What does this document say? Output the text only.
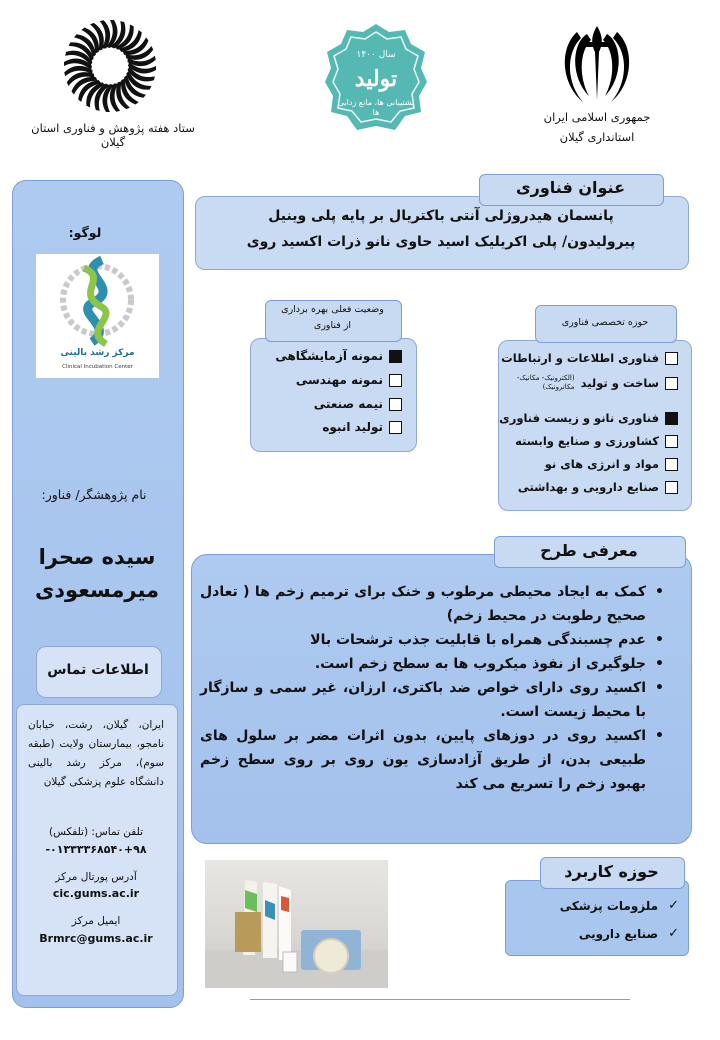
ستاد هفته پژوهش و فناوری استان گیلان
سال ۱۴۰۰
تولید
پشتیبانی ها، مانع زدایی ها	جمهوری اسلامی ایران
استانداری گیلان
لوگو:
مرکز رشد بالینی
Clinical Incubation Center
نام پژوهشگر/ فناور:
سیده صحرا
میرمسعودی
اطلاعات تماس
ایران، گیلان، رشت، خیابان نامجو، بیمارستان ولایت (طبقه سوم)، مرکز رشد بالینی دانشگاه علوم پزشکی گیلان
تلفن تماس: (تلفکس)
۰۱۳۳۳۳۶۸۵۴۰+۹۸-
آدرس پورتال مرکز
cic.gums.ac.ir
ایمیل مرکز
Brmrc@gums.ac.ir
عنوان فناوری
پانسمان هیدروژلی آنتی باکتریال بر پایه پلی وینیل
پیرولیدون/ پلی اکریلیک اسید حاوی نانو ذرات اکسید روی
وضعیت فعلی بهره برداری
از فناوری
نمونه آزمایشگاهی
نمونه مهندسی
نیمه صنعتی
تولید انبوه
حوزه تخصصی فناوری
فناوری اطلاعات و ارتباطات
ساخت و تولید
(الکترونیک- مکانیک- مکاترونیک)
فناوری نانو و زیست فناوری
کشاورزی و صنایع وابسته
مواد و انرژی های نو
صنایع دارویی و بهداشتی
معرفی طرح
• کمک به ایجاد محیطی مرطوب و خنک برای ترمیم زخم ها ( تعادل صحیح رطوبت در محیط زخم)
• عدم چسبندگی همراه با قابلیت جذب ترشحات بالا
• جلوگیری از نفوذ میکروب ها به سطح زخم است.
• اکسید روی دارای خواص ضد باکتری، ارزان، غیر سمی و سازگار با محیط زیست است.
• اکسید روی در دوزهای پایین، بدون اثرات مضر بر سلول های طبیعی بدن، از طریق آزادسازی یون روی بر روی سطح زخم بهبود زخم را تسریع می کند
حوزه کاربرد
✓
ملزومات پزشکی
✓
صنایع دارویی
